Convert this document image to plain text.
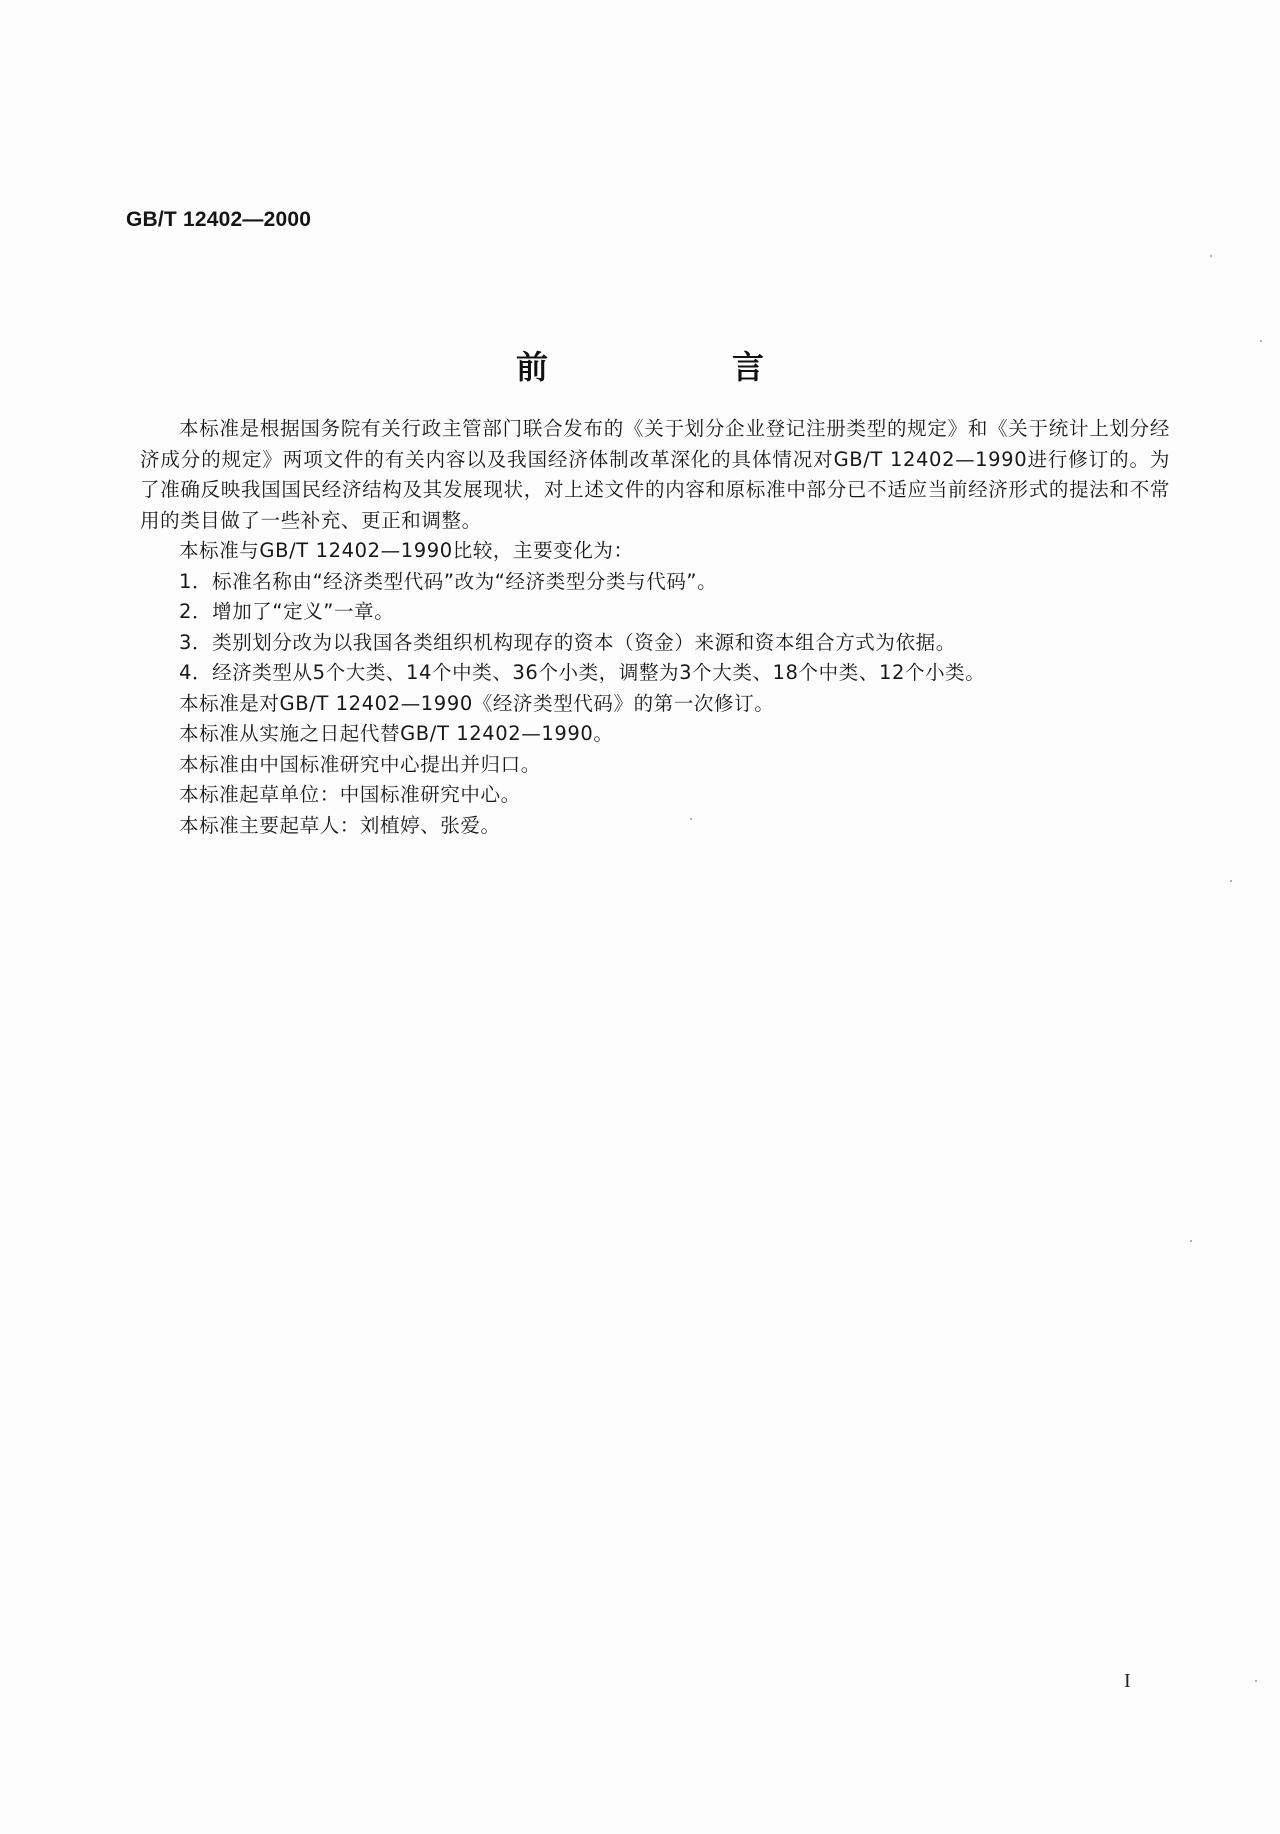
GB/T 12402—2000
前　言

本标准是根据国务院有关行政主管部门联合发布的《关于划分企业登记注册类型的规定》和《关于统计上划分经济成分的规定》两项文件的有关内容以及我国经济体制改革深化的具体情况对GB/T 12402—1990进行修订的。为了准确反映我国国民经济结构及其发展现状，对上述文件的内容和原标准中部分已不适应当前经济形式的提法和不常用的类目做了一些补充、更正和调整。

本标准与GB/T 12402—1990比较，主要变化为：

1．标准名称由“经济类型代码”改为“经济类型分类与代码”。

2．增加了“定义”一章。

3．类别划分改为以我国各类组织机构现存的资本（资金）来源和资本组合方式为依据。

4．经济类型从5个大类、14个中类、36个小类，调整为3个大类、18个中类、12个小类。

本标准是对GB/T 12402—1990《经济类型代码》的第一次修订。

本标准从实施之日起代替GB/T 12402—1990。

本标准由中国标准研究中心提出并归口。

本标准起草单位：中国标准研究中心。

本标准主要起草人：刘植婷、张爱。

I
